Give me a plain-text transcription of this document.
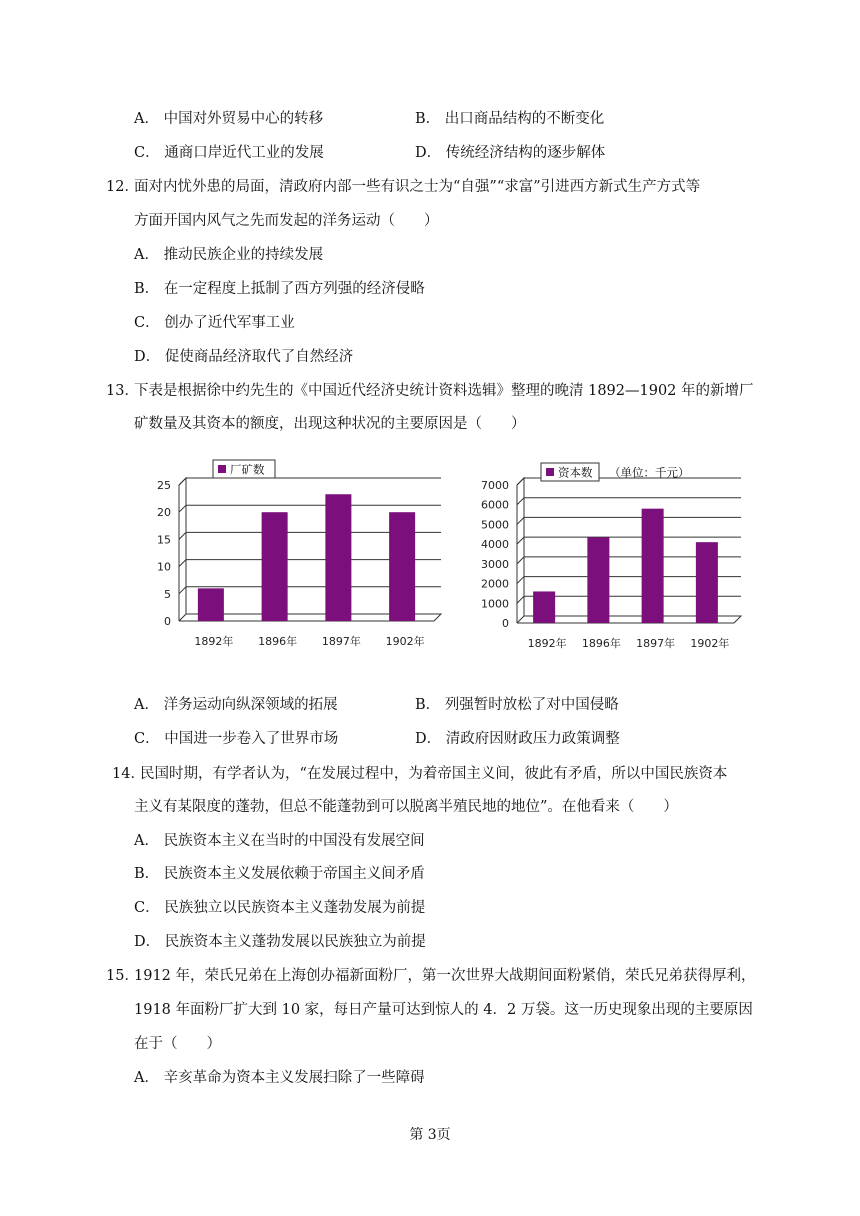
A． 中国对外贸易中心的转移	B． 出口商品结构的不断变化
C． 通商口岸近代工业的发展	D． 传统经济结构的逐步解体
12．
面对内忧外患的局面，清政府内部一些有识之士为“自强”“求富”引进西方新式生产方式等
方面开国内风气之先而发起的洋务运动（　　）
A． 推动民族企业的持续发展
B． 在一定程度上抵制了西方列强的经济侵略
C． 创办了近代军事工业
D． 促使商品经济取代了自然经济
13．
下表是根据徐中约先生的《中国近代经济史统计资料选辑》整理的晚清 1892—1902 年的新增厂
矿数量及其资本的额度，出现这种状况的主要原因是（　　）
25
20
15
10
5
0
1892年 1896年 1897年 1902年
厂矿数
7000
6000
5000
4000
3000
2000
1000
0
1892年 1896年 1897年 1902年
资本数 （单位：千元）
A． 洋务运动向纵深领域的拓展	B． 列强暂时放松了对中国侵略
C． 中国进一步卷入了世界市场	D． 清政府因财政压力政策调整
14．
民国时期，有学者认为，“在发展过程中，为着帝国主义间，彼此有矛盾，所以中国民族资本
主义有某限度的蓬勃，但总不能蓬勃到可以脱离半殖民地的地位”。在他看来（　　）
A． 民族资本主义在当时的中国没有发展空间
B． 民族资本主义发展依赖于帝国主义间矛盾
C． 民族独立以民族资本主义蓬勃发展为前提
D． 民族资本主义蓬勃发展以民族独立为前提
15．
1912 年，荣氏兄弟在上海创办福新面粉厂，第一次世界大战期间面粉紧俏，荣氏兄弟获得厚利，
1918 年面粉厂扩大到 10 家，每日产量可达到惊人的 4．2 万袋。这一历史现象出现的主要原因
在于（　　）
A． 辛亥革命为资本主义发展扫除了一些障碍
第 3页
